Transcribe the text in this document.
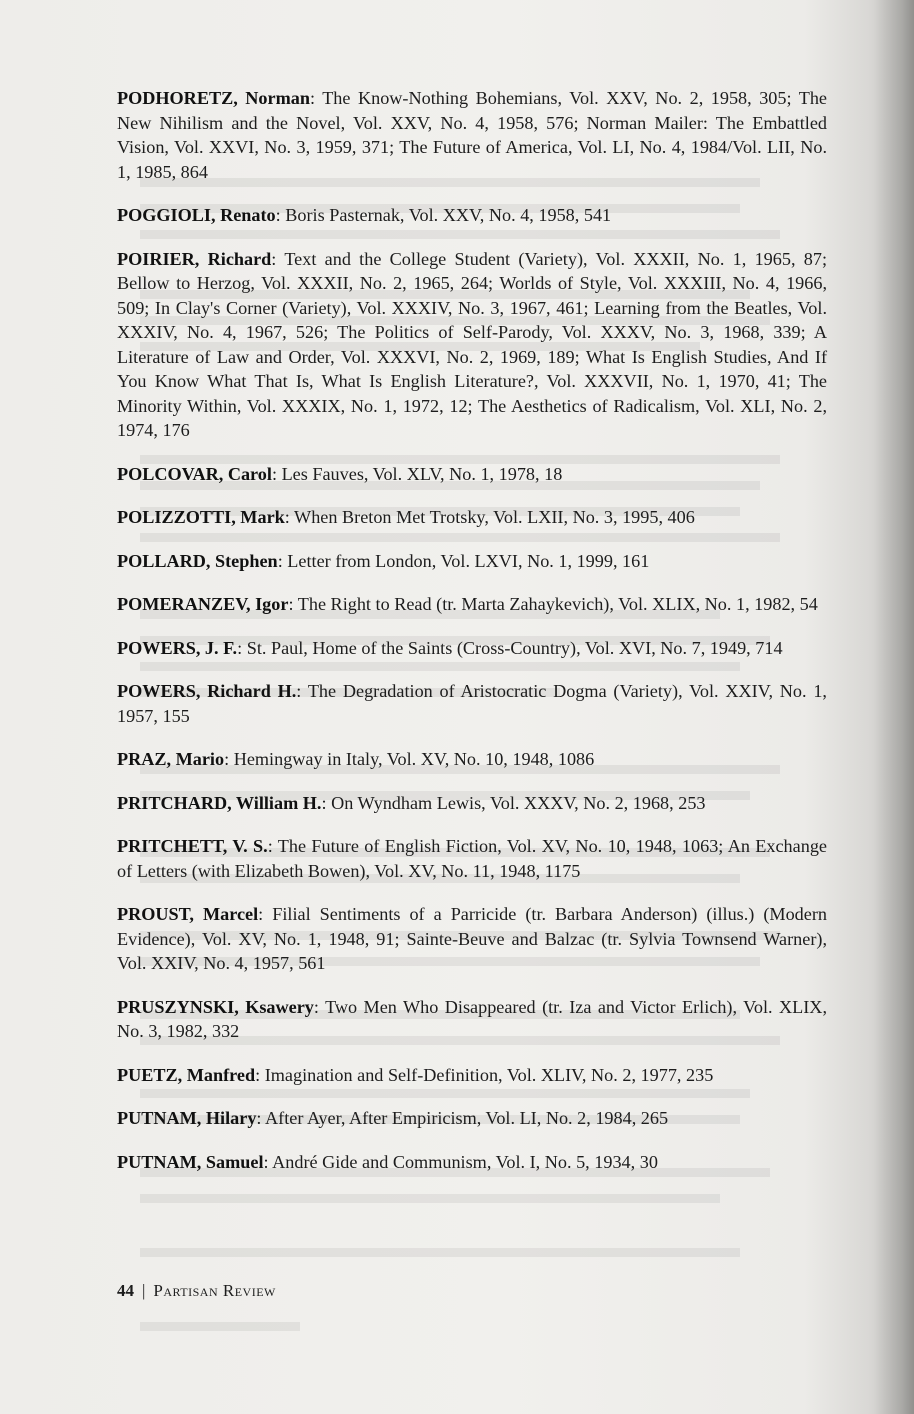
PODHORETZ, Norman: The Know-Nothing Bohemians, Vol. XXV, No. 2, 1958, 305; The New Nihilism and the Novel, Vol. XXV, No. 4, 1958, 576; Norman Mailer: The Embattled Vision, Vol. XXVI, No. 3, 1959, 371; The Future of America, Vol. LI, No. 4, 1984/Vol. LII, No. 1, 1985, 864

POGGIOLI, Renato: Boris Pasternak, Vol. XXV, No. 4, 1958, 541

POIRIER, Richard: Text and the College Student (Variety), Vol. XXXII, No. 1, 1965, 87; Bellow to Herzog, Vol. XXXII, No. 2, 1965, 264; Worlds of Style, Vol. XXXIII, No. 4, 1966, 509; In Clay's Corner (Variety), Vol. XXXIV, No. 3, 1967, 461; Learning from the Beatles, Vol. XXXIV, No. 4, 1967, 526; The Politics of Self-Parody, Vol. XXXV, No. 3, 1968, 339; A Literature of Law and Order, Vol. XXXVI, No. 2, 1969, 189; What Is English Studies, And If You Know What That Is, What Is English Literature?, Vol. XXXVII, No. 1, 1970, 41; The Minority Within, Vol. XXXIX, No. 1, 1972, 12; The Aesthetics of Radicalism, Vol. XLI, No. 2, 1974, 176

POLCOVAR, Carol: Les Fauves, Vol. XLV, No. 1, 1978, 18

POLIZZOTTI, Mark: When Breton Met Trotsky, Vol. LXII, No. 3, 1995, 406

POLLARD, Stephen: Letter from London, Vol. LXVI, No. 1, 1999, 161

POMERANZEV, Igor: The Right to Read (tr. Marta Zahaykevich), Vol. XLIX, No. 1, 1982, 54

POWERS, J. F.: St. Paul, Home of the Saints (Cross-Country), Vol. XVI, No. 7, 1949, 714

POWERS, Richard H.: The Degradation of Aristocratic Dogma (Variety), Vol. XXIV, No. 1, 1957, 155

PRAZ, Mario: Hemingway in Italy, Vol. XV, No. 10, 1948, 1086

PRITCHARD, William H.: On Wyndham Lewis, Vol. XXXV, No. 2, 1968, 253

PRITCHETT, V. S.: The Future of English Fiction, Vol. XV, No. 10, 1948, 1063; An Exchange of Letters (with Elizabeth Bowen), Vol. XV, No. 11, 1948, 1175

PROUST, Marcel: Filial Sentiments of a Parricide (tr. Barbara Anderson) (illus.) (Modern Evidence), Vol. XV, No. 1, 1948, 91; Sainte-Beuve and Balzac (tr. Sylvia Townsend Warner), Vol. XXIV, No. 4, 1957, 561

PRUSZYNSKI, Ksawery: Two Men Who Disappeared (tr. Iza and Victor Erlich), Vol. XLIX, No. 3, 1982, 332

PUETZ, Manfred: Imagination and Self-Definition, Vol. XLIV, No. 2, 1977, 235

PUTNAM, Hilary: After Ayer, After Empiricism, Vol. LI, No. 2, 1984, 265

PUTNAM, Samuel: André Gide and Communism, Vol. I, No. 5, 1934, 30

44 | Partisan Review
